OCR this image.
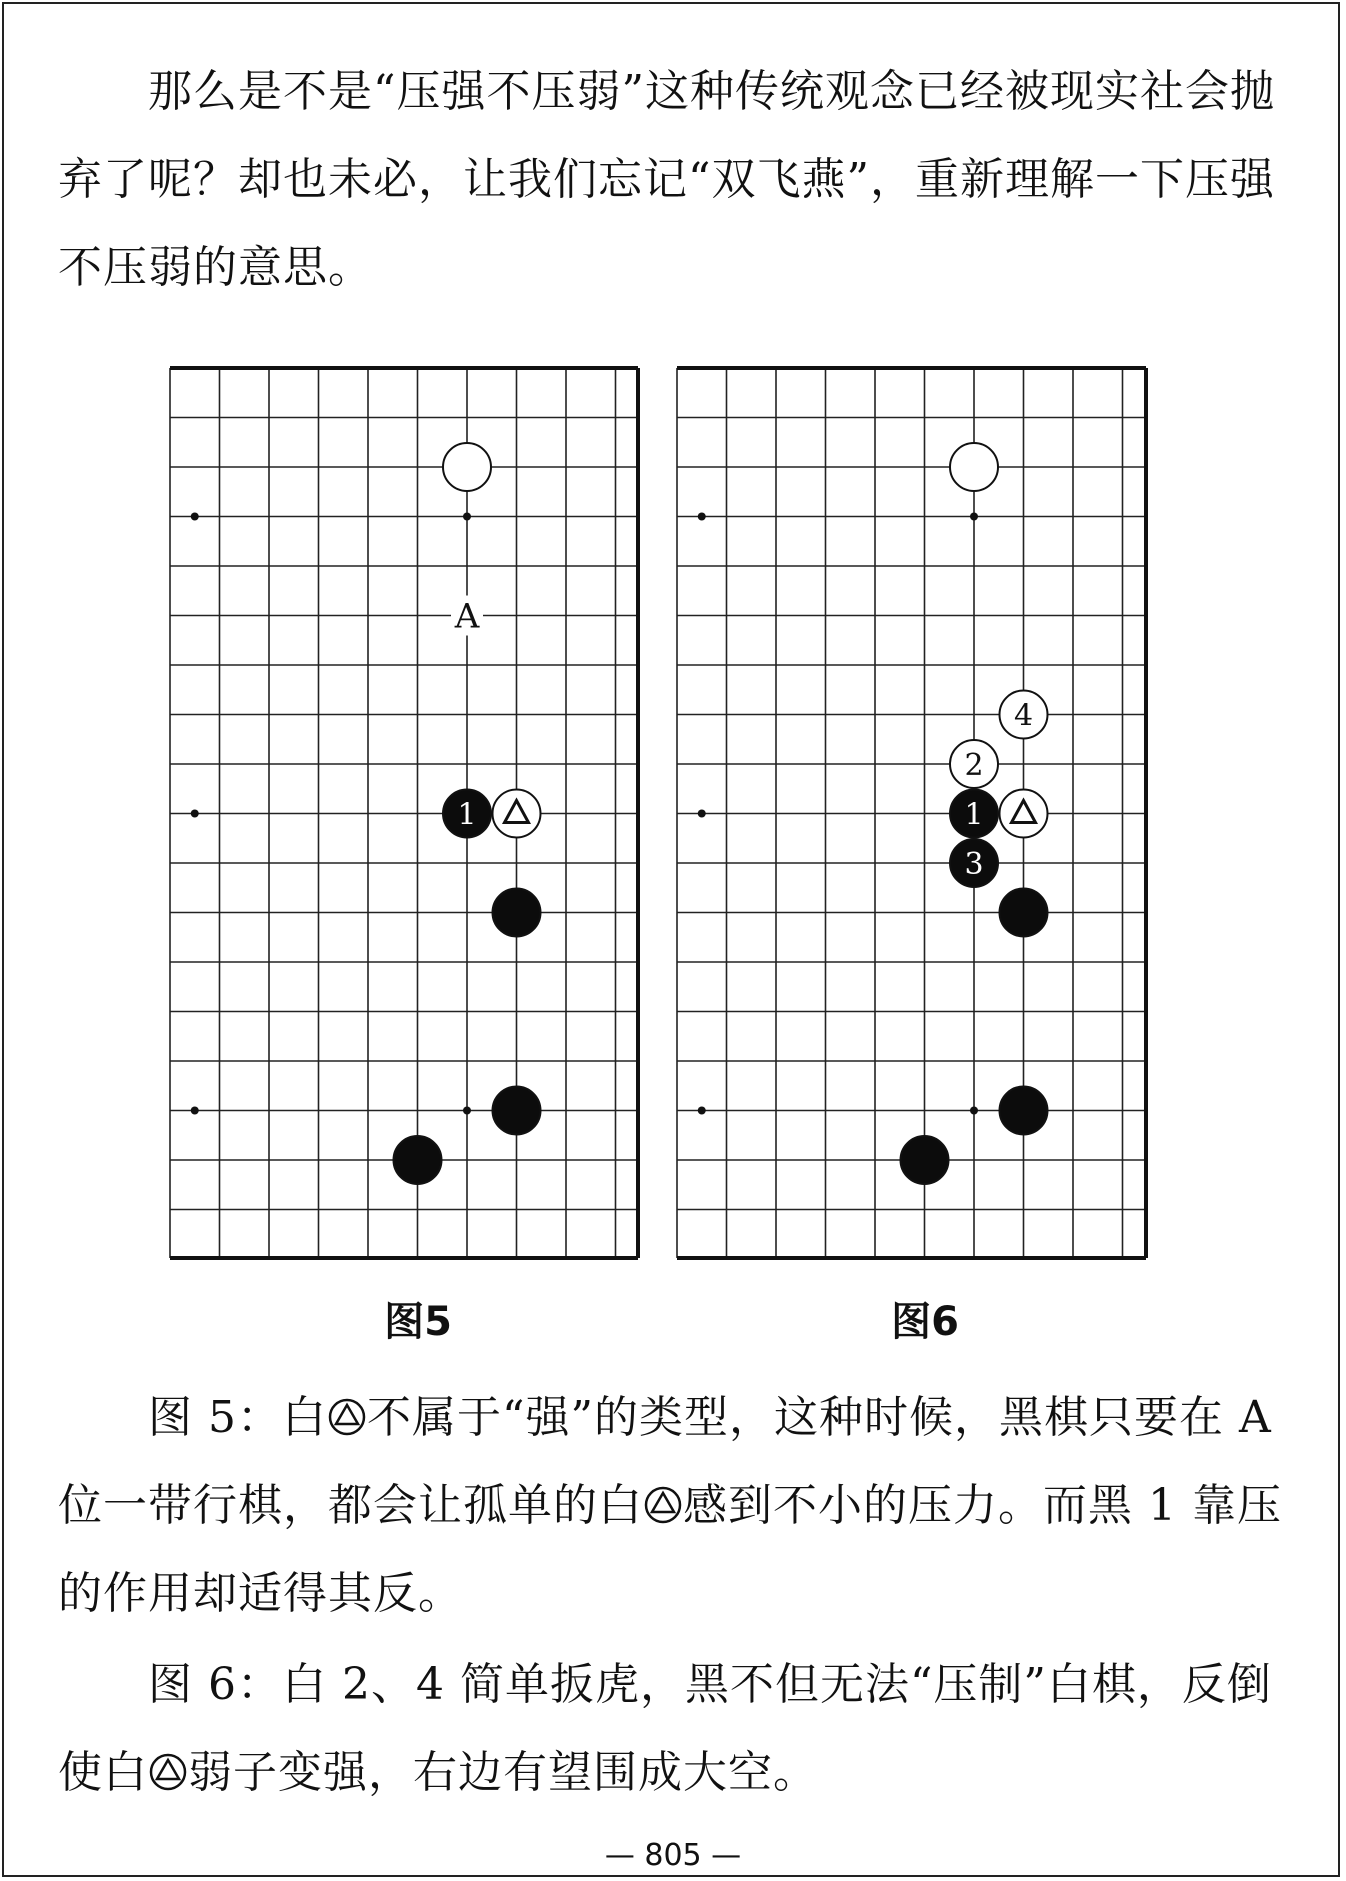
那么是不是“压强不压弱”这种传统观念已经被现实社会抛弃了呢？却也未必，让我们忘记“双飞燕”，重新理解一下压强不压弱的意思。

A
1
图5
4
2
1
3
图6

图 5：白 不属于“强”的类型，这种时候，黑棋只要在 A 位一带行棋，都会让孤单的白 感到不小的压力。而黑 1 靠压的作用却适得其反。

图 6：白 2、4 简单扳虎，黑不但无法“压制”白棋，反倒使白 弱子变强，右边有望围成大空。

— 805 —
